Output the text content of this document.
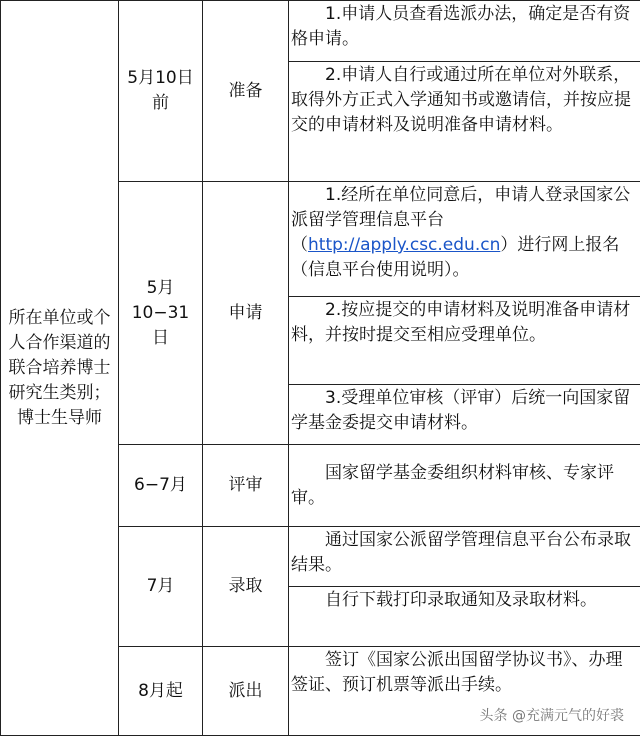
所在单位或个人合作渠道的联合培养博士研究生类别；博士生导师	5月10日前	准备	1.申请人员查看选派办法，确定是否有资格申请。
			2.申请人自行或通过所在单位对外联系，取得外方正式入学通知书或邀请信，并按应提交的申请材料及说明准备申请材料。

	5月10−31日	申请	1.经所在单位同意后，申请人登录国家公派留学管理信息平台（http://apply.csc.edu.cn）进行网上报名（信息平台使用说明）。
			2.按应提交的申请材料及说明准备申请材料，并按时提交至相应受理单位。
			3.受理单位审核（评审）后统一向国家留学基金委提交申请材料。
	6−7月	评审	国家留学基金委组织材料审核、专家评审。
	7月	录取	通过国家公派留学管理信息平台公布录取结果。
			自行下载打印录取通知及录取材料。
	8月起	派出	签订《国家公派出国留学协议书》、办理签证、预订机票等派出手续。
头条 @充满元气的好裘
